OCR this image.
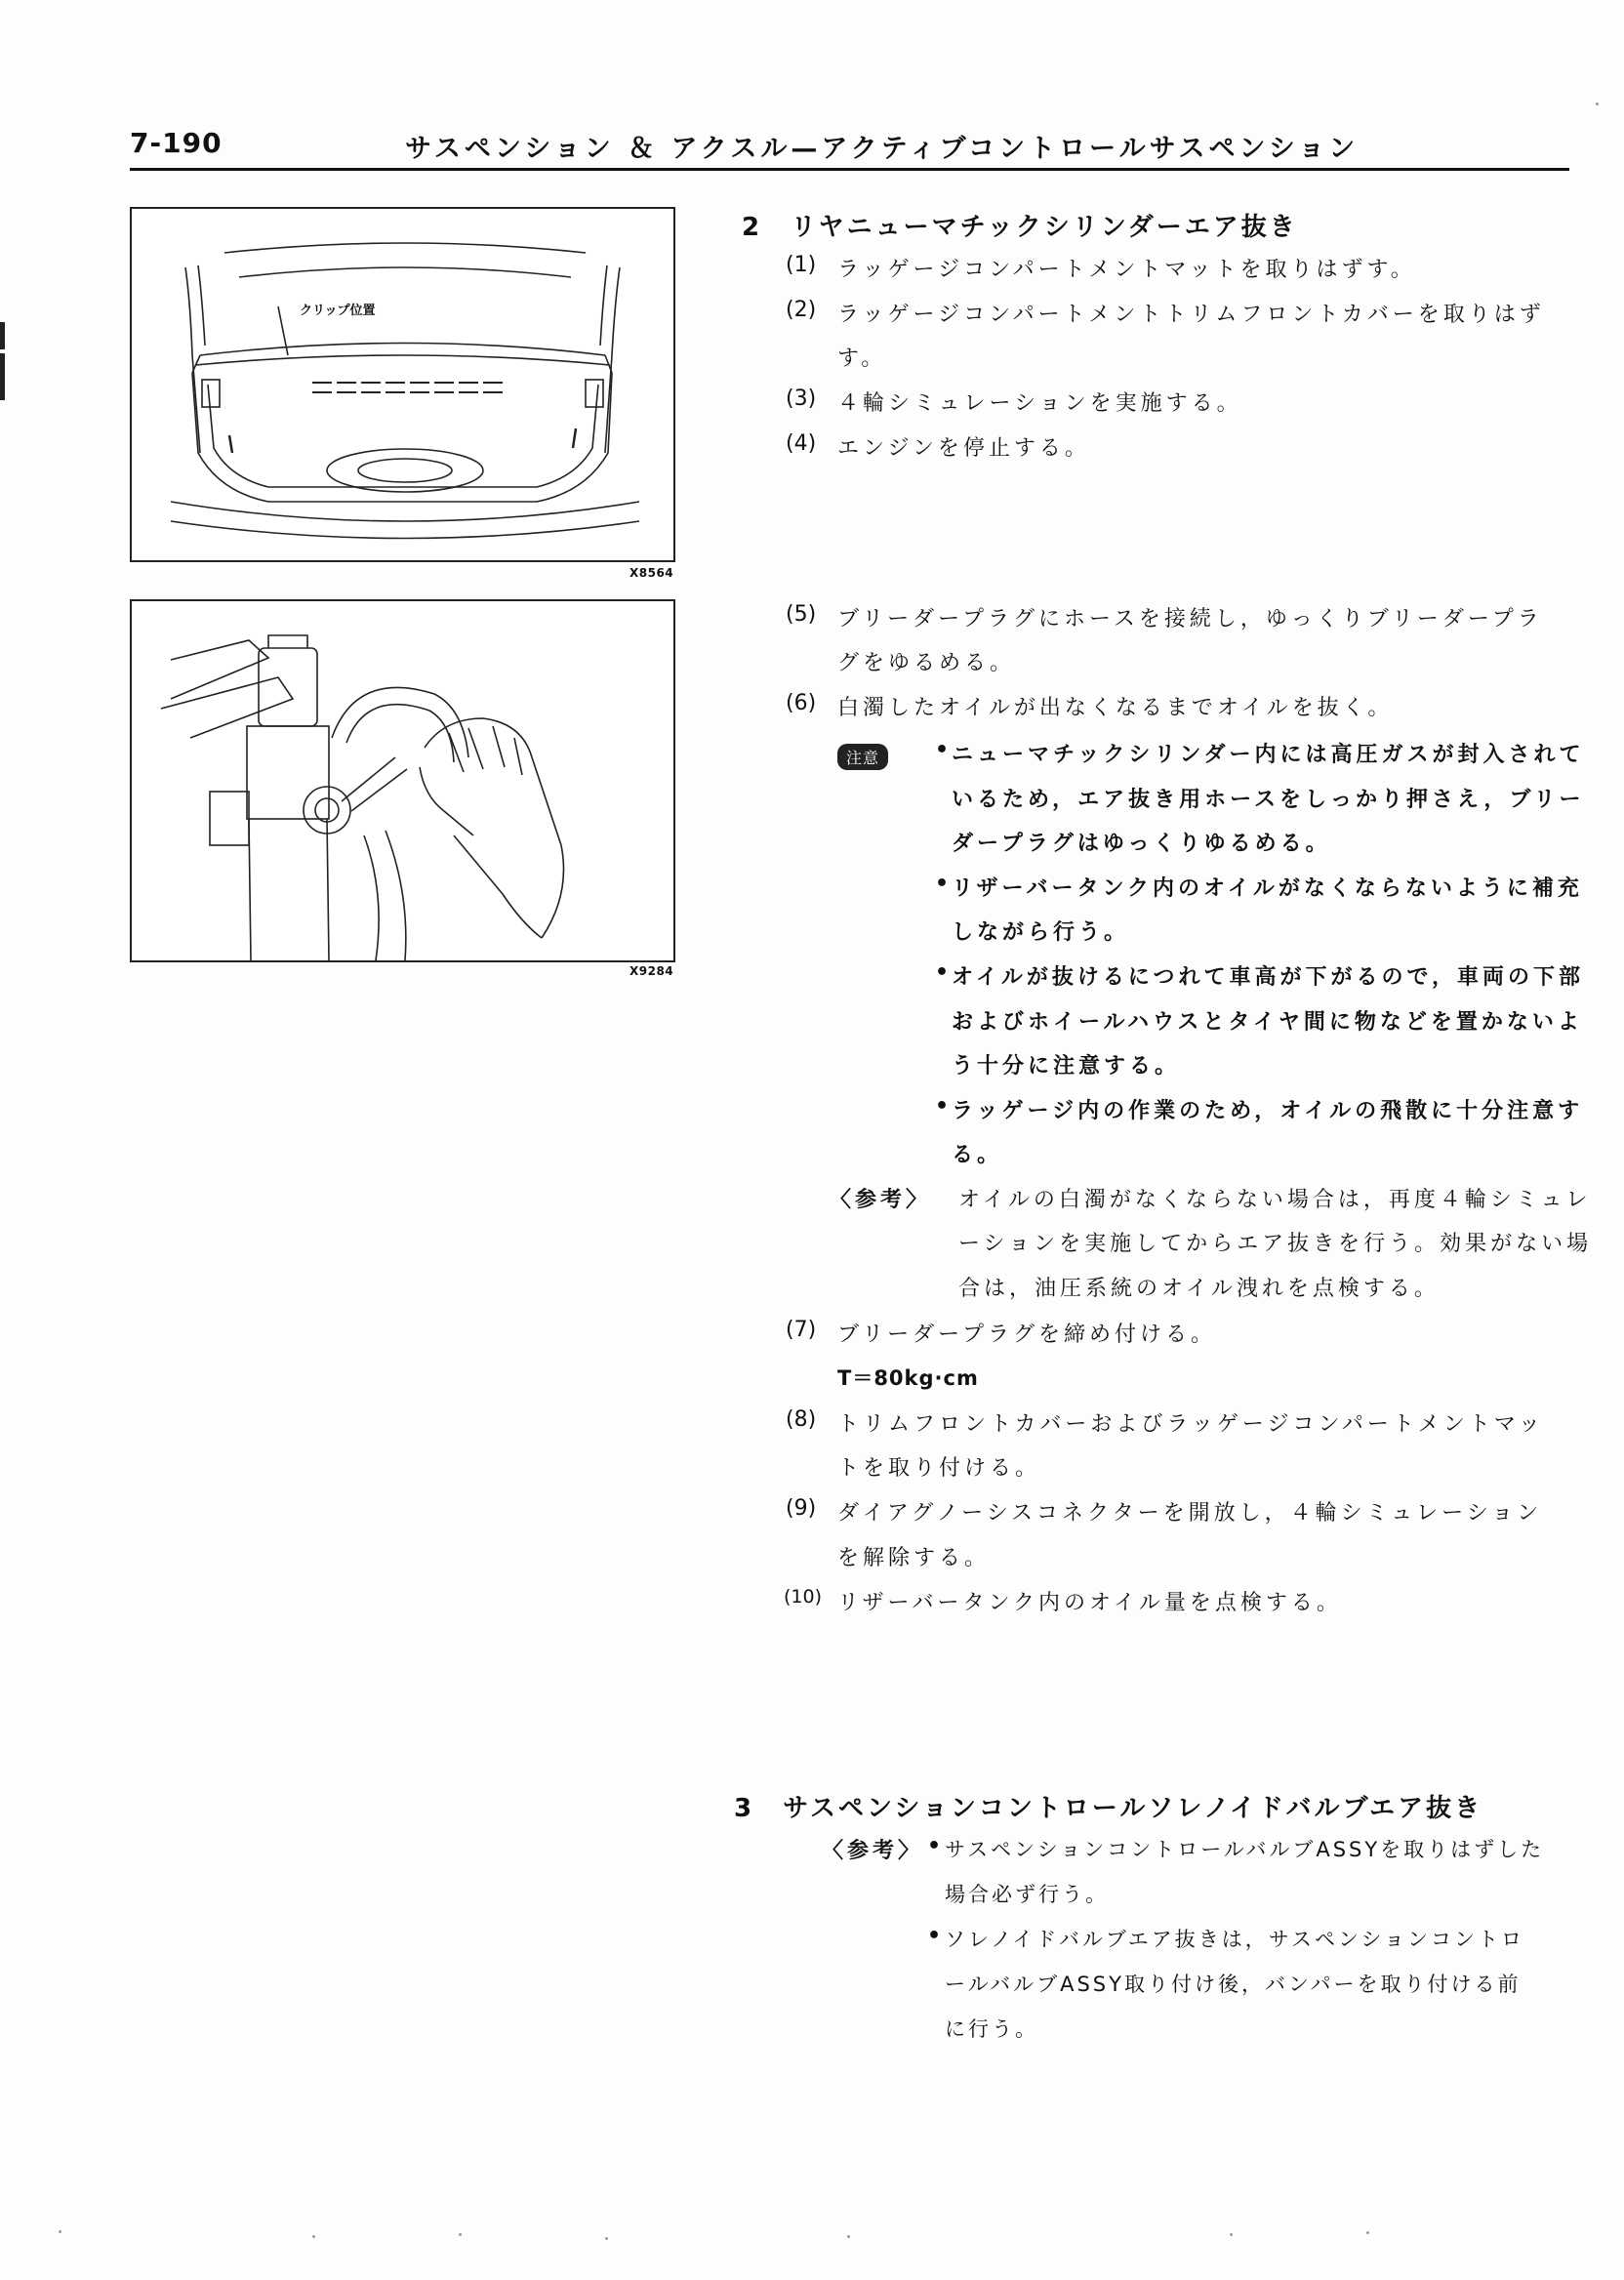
7-190	サスペンション ＆ アクスル—アクティブコントロールサスペンション
クリップ位置
X8564
X9284
2　リヤニューマチックシリンダーエア抜き
(1) ラッゲージコンパートメントマットを取りはずす。
(2) ラッゲージコンパートメントトリムフロントカバーを取りはず
す。
(3) ４輪シミュレーションを実施する。
(4) エンジンを停止する。
(5) ブリーダープラグにホースを接続し，ゆっくりブリーダープラ
グをゆるめる。
(6) 白濁したオイルが出なくなるまでオイルを抜く。
注意	• ニューマチックシリンダー内には高圧ガスが封入されて
いるため，エア抜き用ホースをしっかり押さえ，ブリー
ダープラグはゆっくりゆるめる。
• リザーバータンク内のオイルがなくならないように補充
しながら行う。
• オイルが抜けるにつれて車高が下がるので，車両の下部
およびホイールハウスとタイヤ間に物などを置かないよ
う十分に注意する。
• ラッゲージ内の作業のため，オイルの飛散に十分注意す
る。
〈参考〉 オイルの白濁がなくならない場合は，再度４輪シミュレ
ーションを実施してからエア抜きを行う。効果がない場
合は，油圧系統のオイル洩れを点検する。
(7) ブリーダープラグを締め付ける。
T＝80kg·cm
(8) トリムフロントカバーおよびラッゲージコンパートメントマッ
トを取り付ける。
(9) ダイアグノーシスコネクターを開放し，４輪シミュレーション
を解除する。
(10) リザーバータンク内のオイル量を点検する。
3　サスペンションコントロールソレノイドバルブエア抜き
〈参考〉 • サスペンションコントロールバルブASSYを取りはずした
場合必ず行う。
• ソレノイドバルブエア抜きは，サスペンションコントロ
ールバルブASSY取り付け後，バンパーを取り付ける前
に行う。
